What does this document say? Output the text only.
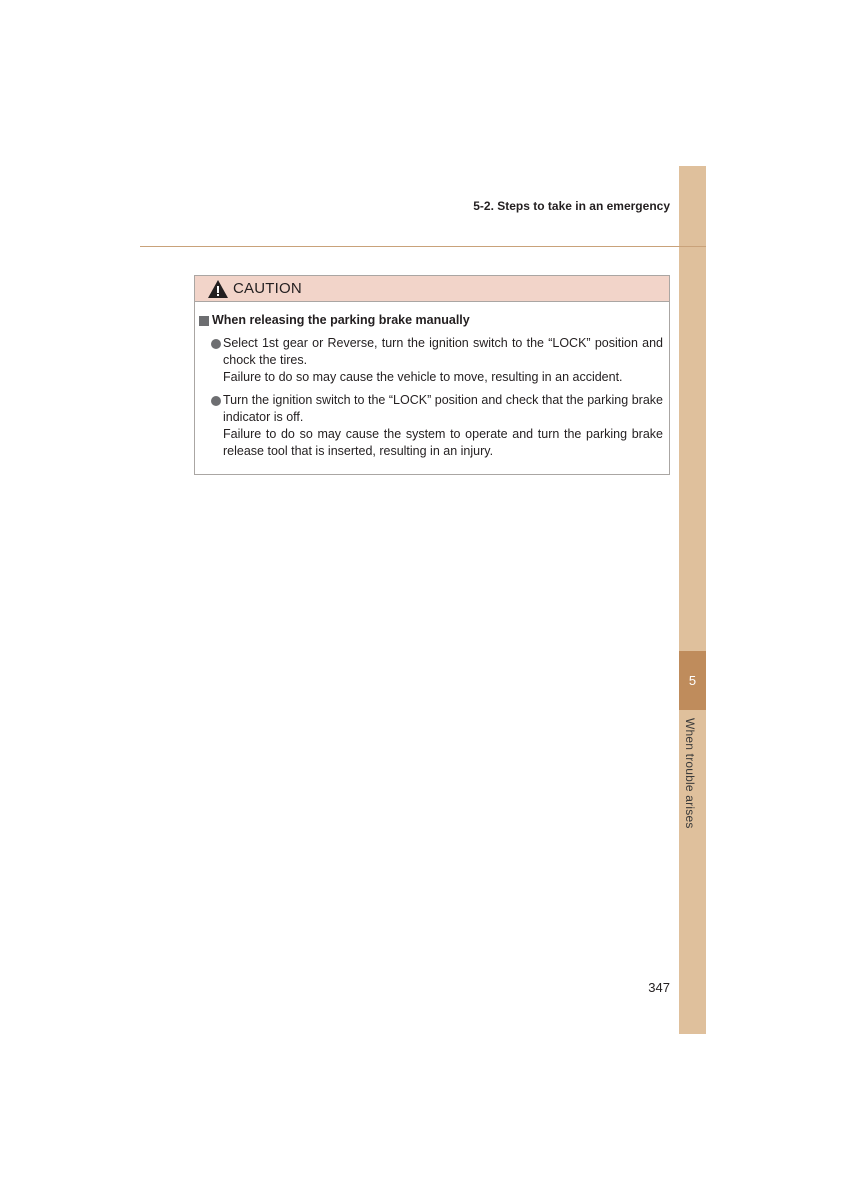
5
When trouble arises
5-2. Steps to take in an emergency
CAUTION
When releasing the parking brake manually

Select 1st gear or Reverse, turn the ignition switch to the “LOCK” position and chock the tires.

Failure to do so may cause the vehicle to move, resulting in an accident.

Turn the ignition switch to the “LOCK” position and check that the parking brake indicator is off.

Failure to do so may cause the system to operate and turn the parking brake release tool that is inserted, resulting in an injury.

347
